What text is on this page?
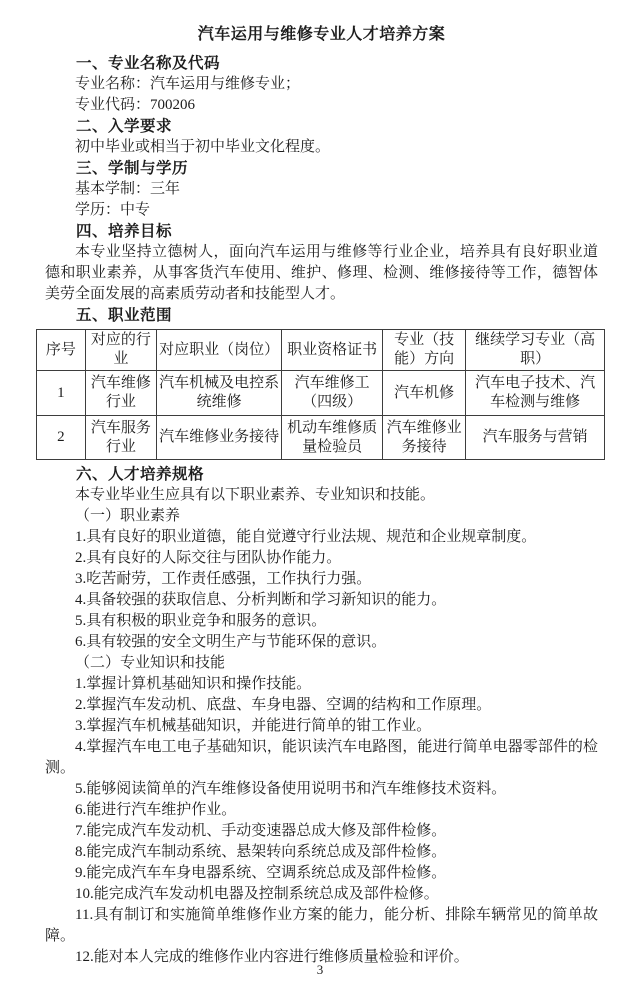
汽车运用与维修专业人才培养方案

一、专业名称及代码

专业名称：汽车运用与维修专业；

专业代码：700206

二、入学要求

初中毕业或相当于初中毕业文化程度。

三、学制与学历

基本学制：三年

学历：中专

四、培养目标

本专业坚持立德树人，面向汽车运用与维修等行业企业，培养具有良好职业道德和职业素养，从事客货汽车使用、维护、修理、检测、维修接待等工作，德智体美劳全面发展的高素质劳动者和技能型人才。

五、职业范围

序号	对应的行业	对应职业（岗位）	职业资格证书	专业（技能）方向	继续学习专业（高职）
1	汽车维修行业	汽车机械及电控系统维修	汽车维修工（四级）	汽车机修	汽车电子技术、汽车检测与维修
2	汽车服务行业	汽车维修业务接待	机动车维修质量检验员	汽车维修业务接待	汽车服务与营销

六、人才培养规格

本专业毕业生应具有以下职业素养、专业知识和技能。

（一）职业素养

1.具有良好的职业道德，能自觉遵守行业法规、规范和企业规章制度。

2.具有良好的人际交往与团队协作能力。

3.吃苦耐劳，工作责任感强，工作执行力强。

4.具备较强的获取信息、分析判断和学习新知识的能力。

5.具有积极的职业竞争和服务的意识。

6.具有较强的安全文明生产与节能环保的意识。

（二）专业知识和技能

1.掌握计算机基础知识和操作技能。

2.掌握汽车发动机、底盘、车身电器、空调的结构和工作原理。

3.掌握汽车机械基础知识，并能进行简单的钳工作业。

4.掌握汽车电工电子基础知识，能识读汽车电路图，能进行简单电器零部件的检测。

5.能够阅读简单的汽车维修设备使用说明书和汽车维修技术资料。

6.能进行汽车维护作业。

7.能完成汽车发动机、手动变速器总成大修及部件检修。

8.能完成汽车制动系统、悬架转向系统总成及部件检修。

9.能完成汽车车身电器系统、空调系统总成及部件检修。

10.能完成汽车发动机电器及控制系统总成及部件检修。

11.具有制订和实施简单维修作业方案的能力，能分析、排除车辆常见的简单故障。

12.能对本人完成的维修作业内容进行维修质量检验和评价。

3
